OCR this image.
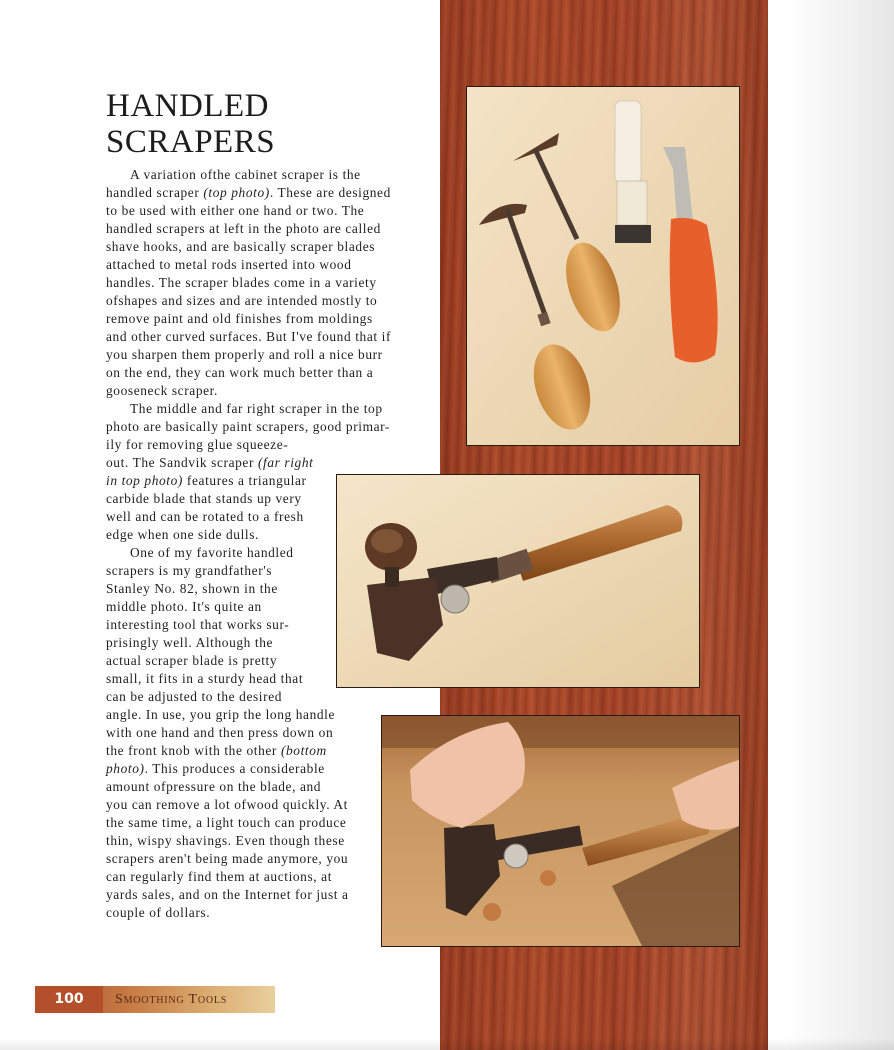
HANDLED
SCRAPERS
A variation ofthe cabinet scraper is the
handled scraper (top photo). These are designed
to be used with either one hand or two. The
handled scrapers at left in the photo are called
shave hooks, and are basically scraper blades
attached to metal rods inserted into wood
handles. The scraper blades come in a variety
ofshapes and sizes and are intended mostly to
remove paint and old finishes from moldings
and other curved surfaces. But I've found that if
you sharpen them properly and roll a nice burr
on the end, they can work much better than a
gooseneck scraper.
The middle and far right scraper in the top
photo are basically paint scrapers, good primar-
ily for removing glue squeeze-
out. The Sandvik scraper (far right
in top photo) features a triangular
carbide blade that stands up very
well and can be rotated to a fresh
edge when one side dulls.
One of my favorite handled
scrapers is my grandfather's
Stanley No. 82, shown in the
middle photo. It's quite an
interesting tool that works sur-
prisingly well. Although the
actual scraper blade is pretty
small, it fits in a sturdy head that
can be adjusted to the desired
angle. In use, you grip the long handle
with one hand and then press down on
the front knob with the other (bottom
photo). This produces a considerable
amount ofpressure on the blade, and
you can remove a lot ofwood quickly. At
the same time, a light touch can produce
thin, wispy shavings. Even though these
scrapers aren't being made anymore, you
can regularly find them at auctions, at
yards sales, and on the Internet for just a
couple of dollars.
100	Smoothing Tools
